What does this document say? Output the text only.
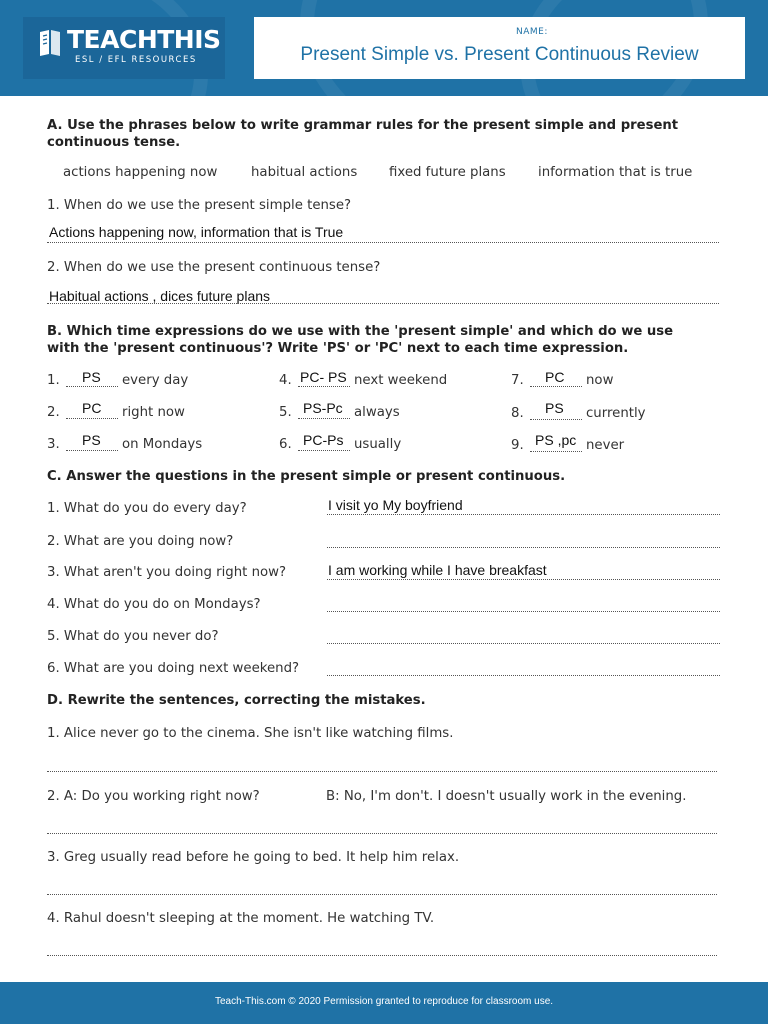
TEACHTHIS
ESL / EFL RESOURCES
NAME:
Present Simple vs. Present Continuous Review
A. Use the phrases below to write grammar rules for the present simple and present
continuous tense.
actions happening now	habitual actions fixed future plans information that is true
1. When do we use the present simple tense?
Actions happening now, information that is True
2. When do we use the present continuous tense?
Habitual actions , dices future plans
B. Which time expressions do we use with the 'present simple' and which do we use
with the 'present continuous'? Write 'PS' or 'PC' next to each time expression.
1. PS every day
2. PC right now
3. PS on Mondays
4. PC- PS next weekend
5. PS-Pc always
6. PC-Ps usually
7. PC now
8. PS currently
9. PS ,pc never
C. Answer the questions in the present simple or present continuous.
1. What do you do every day?	I visit yo My boyfriend
2. What are you doing now?
3. What aren't you doing right now?	I am working while I have breakfast
4. What do you do on Mondays?
5. What do you never do?
6. What are you doing next weekend?
D. Rewrite the sentences, correcting the mistakes.
1. Alice never go to the cinema. She isn't like watching films.
2. A: Do you working right now?	B: No, I'm don't. I doesn't usually work in the evening.
3. Greg usually read before he going to bed. It help him relax.
4. Rahul doesn't sleeping at the moment. He watching TV.
Teach-This.com © 2020 Permission granted to reproduce for classroom use.
